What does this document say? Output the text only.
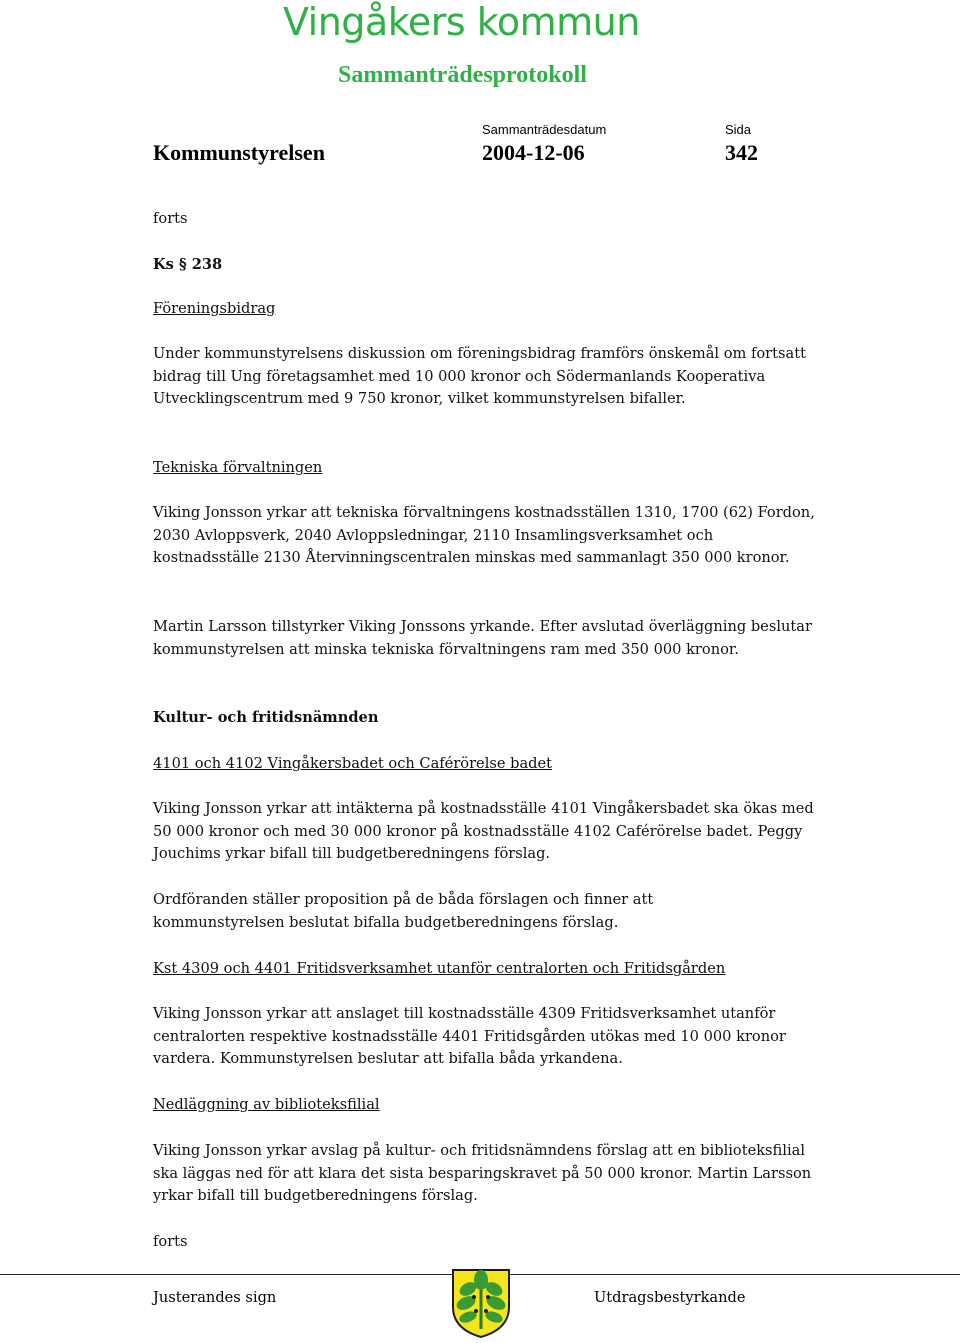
Vingåkers kommun
Sammanträdesprotokoll
Sammanträdesdatum	Sida
Kommunstyrelsen	2004-12-06	342
forts
Ks § 238
Föreningsbidrag
Under kommunstyrelsens diskussion om föreningsbidrag framförs önskemål om fortsatt bidrag till Ung företagsamhet med 10 000 kronor och Södermanlands Kooperativa Utvecklingscentrum med 9 750 kronor, vilket kommunstyrelsen bifaller.
Tekniska förvaltningen
Viking Jonsson yrkar att tekniska förvaltningens kostnadsställen 1310, 1700 (62) Fordon, 2030 Avloppsverk, 2040 Avloppsledningar, 2110 Insamlingsverksamhet och kostnadsställe 2130 Återvinningscentralen minskas med sammanlagt 350 000 kronor.
Martin Larsson tillstyrker Viking Jonssons yrkande. Efter avslutad överläggning beslutar kommunstyrelsen att minska tekniska förvaltningens ram med 350 000 kronor.
Kultur- och fritidsnämnden
4101 och 4102 Vingåkersbadet och Caférörelse badet
Viking Jonsson yrkar att intäkterna på kostnadsställe 4101 Vingåkersbadet ska ökas med 50 000 kronor och med 30 000 kronor på kostnadsställe 4102 Caférörelse badet. Peggy Jouchims yrkar bifall till budgetberedningens förslag.
Ordföranden ställer proposition på de båda förslagen och finner att kommunstyrelsen beslutat bifalla budgetberedningens förslag.
Kst 4309 och 4401 Fritidsverksamhet utanför centralorten och Fritidsgården
Viking Jonsson yrkar att anslaget till kostnadsställe 4309 Fritidsverksamhet utanför centralorten respektive kostnadsställe 4401 Fritidsgården utökas med 10 000 kronor vardera. Kommunstyrelsen beslutar att bifalla båda yrkandena.
Nedläggning av biblioteksfilial
Viking Jonsson yrkar avslag på kultur- och fritidsnämndens förslag att en biblioteksfilial ska läggas ned för att klara det sista besparingskravet på 50 000 kronor. Martin Larsson yrkar bifall till budgetberedningens förslag.
forts
Justerandes sign	Utdragsbestyrkande
